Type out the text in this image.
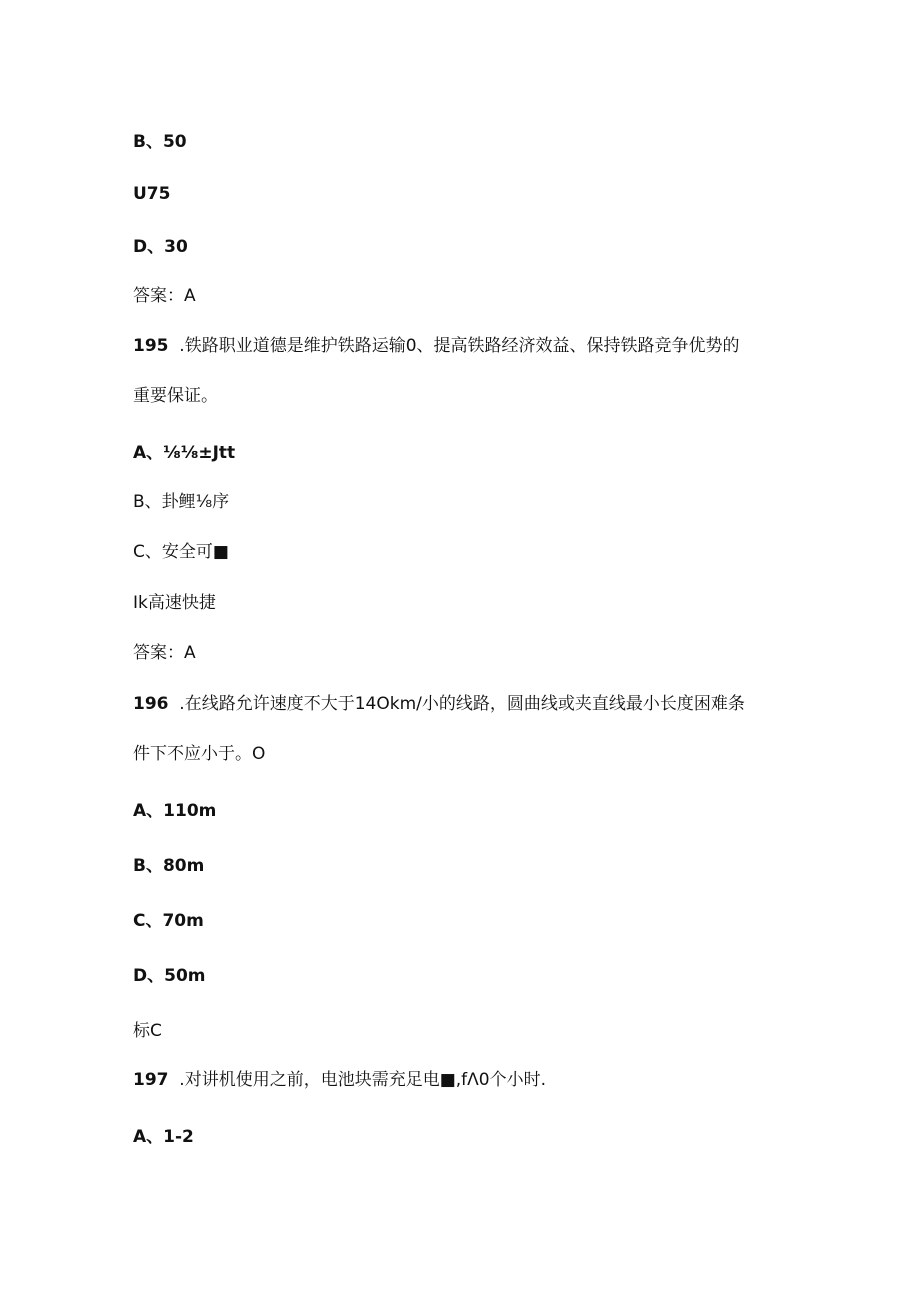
B、50
U75
D、30
答案：A
195  .铁路职业道德是维护铁路运输0、提高铁路经济效益、保持铁路竞争优势的
重要保证。
A、⅛⅛±Jtt
B、卦鲤⅛序
C、安全可■
Ik高速快捷
答案：A
196  .在线路允许速度不大于14Okm/小的线路，圆曲线或夹直线最小长度困难条
件下不应小于。O
A、110m
B、80m
C、70m
D、50m
标C
197  .对讲机使用之前，电池块需充足电■,fΛ0个小时.
A、1-2
